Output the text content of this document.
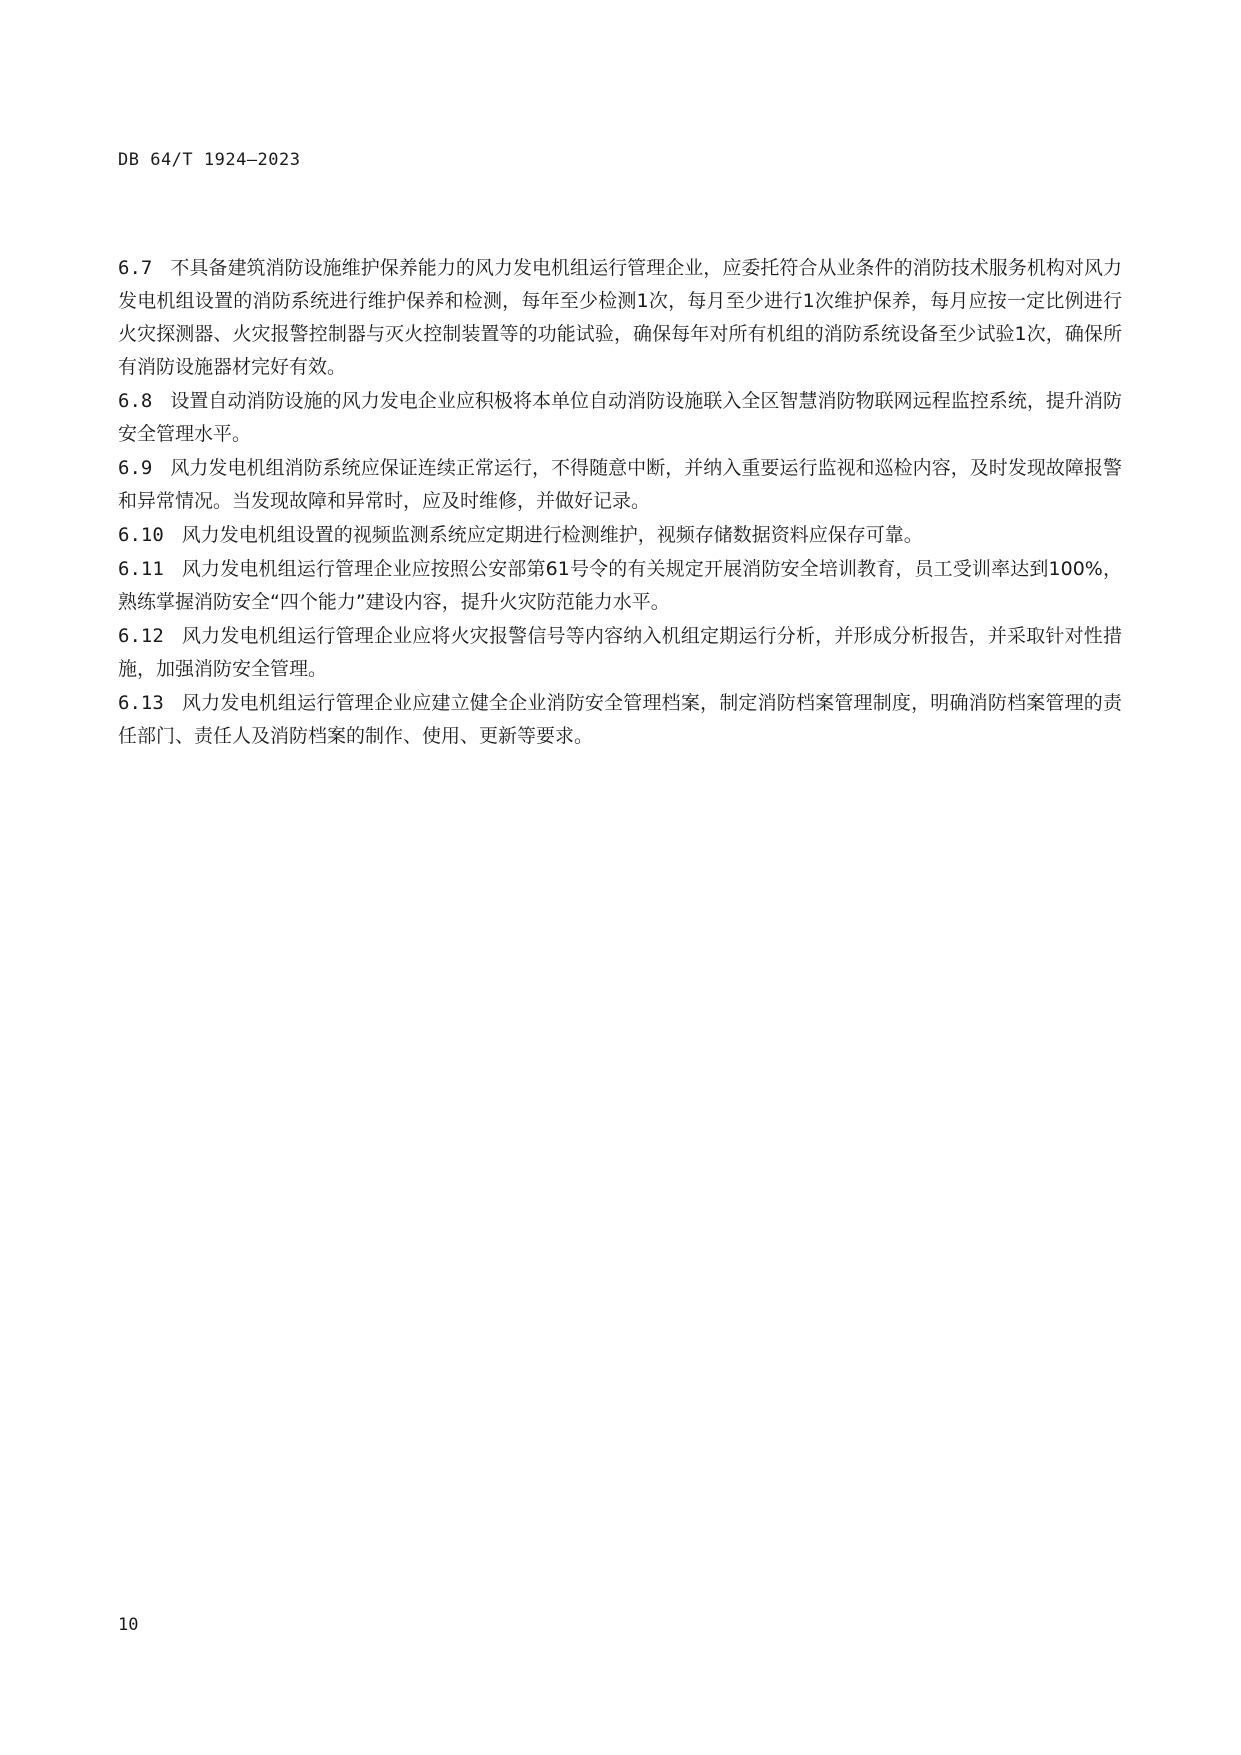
DB 64/T 1924—2023

6.7 不具备建筑消防设施维护保养能力的风力发电机组运行管理企业，应委托符合从业条件的消防技术服务机构对风力发电机组设置的消防系统进行维护保养和检测，每年至少检测1次，每月至少进行1次维护保养，每月应按一定比例进行火灾探测器、火灾报警控制器与灭火控制装置等的功能试验，确保每年对所有机组的消防系统设备至少试验1次，确保所有消防设施器材完好有效。

6.8 设置自动消防设施的风力发电企业应积极将本单位自动消防设施联入全区智慧消防物联网远程监控系统，提升消防安全管理水平。

6.9 风力发电机组消防系统应保证连续正常运行，不得随意中断，并纳入重要运行监视和巡检内容，及时发现故障报警和异常情况。当发现故障和异常时，应及时维修，并做好记录。

6.10 风力发电机组设置的视频监测系统应定期进行检测维护，视频存储数据资料应保存可靠。

6.11 风力发电机组运行管理企业应按照公安部第61号令的有关规定开展消防安全培训教育，员工受训率达到100%，熟练掌握消防安全“四个能力”建设内容，提升火灾防范能力水平。

6.12 风力发电机组运行管理企业应将火灾报警信号等内容纳入机组定期运行分析，并形成分析报告，并采取针对性措施，加强消防安全管理。

6.13 风力发电机组运行管理企业应建立健全企业消防安全管理档案，制定消防档案管理制度，明确消防档案管理的责任部门、责任人及消防档案的制作、使用、更新等要求。

10
